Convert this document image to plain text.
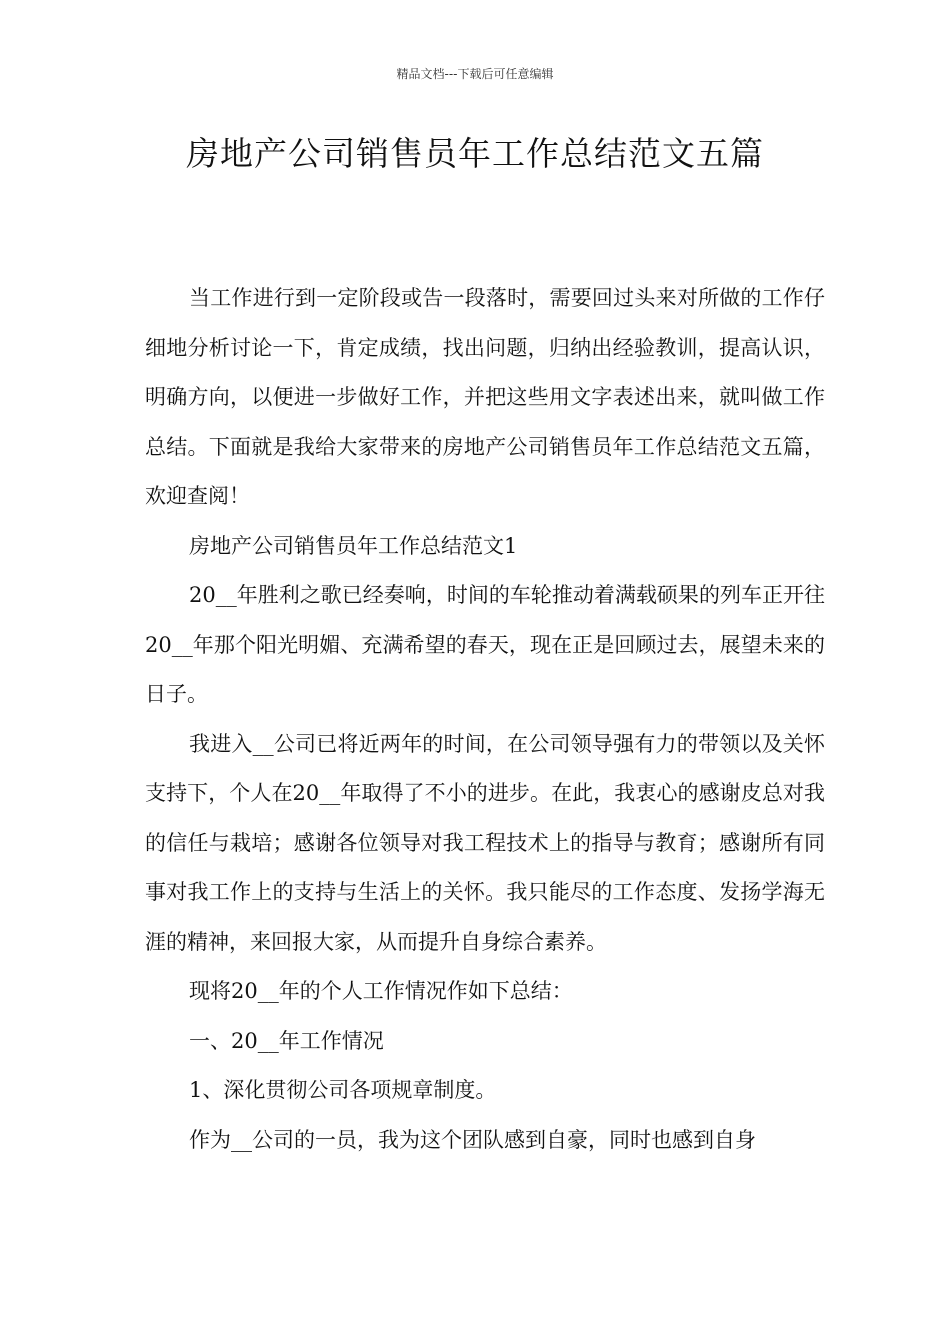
精品文档---下载后可任意编辑
房地产公司销售员年工作总结范文五篇

当工作进行到一定阶段或告一段落时，需要回过头来对所做的工作仔细地分析讨论一下，肯定成绩，找出问题，归纳出经验教训，提高认识，明确方向，以便进一步做好工作，并把这些用文字表述出来，就叫做工作总结。下面就是我给大家带来的房地产公司销售员年工作总结范文五篇，欢迎查阅！

房地产公司销售员年工作总结范文1

20__年胜利之歌已经奏响，时间的车轮推动着满载硕果的列车正开往20__年那个阳光明媚、充满希望的春天，现在正是回顾过去，展望未来的日子。

我进入__公司已将近两年的时间，在公司领导强有力的带领以及关怀支持下，个人在20__年取得了不小的进步。在此，我衷心的感谢皮总对我的信任与栽培；感谢各位领导对我工程技术上的指导与教育；感谢所有同事对我工作上的支持与生活上的关怀。我只能尽的工作态度、发扬学海无涯的精神，来回报大家，从而提升自身综合素养。

现将20__年的个人工作情况作如下总结：

一、20__年工作情况

1、深化贯彻公司各项规章制度。

作为__公司的一员，我为这个团队感到自豪，同时也感到自身
